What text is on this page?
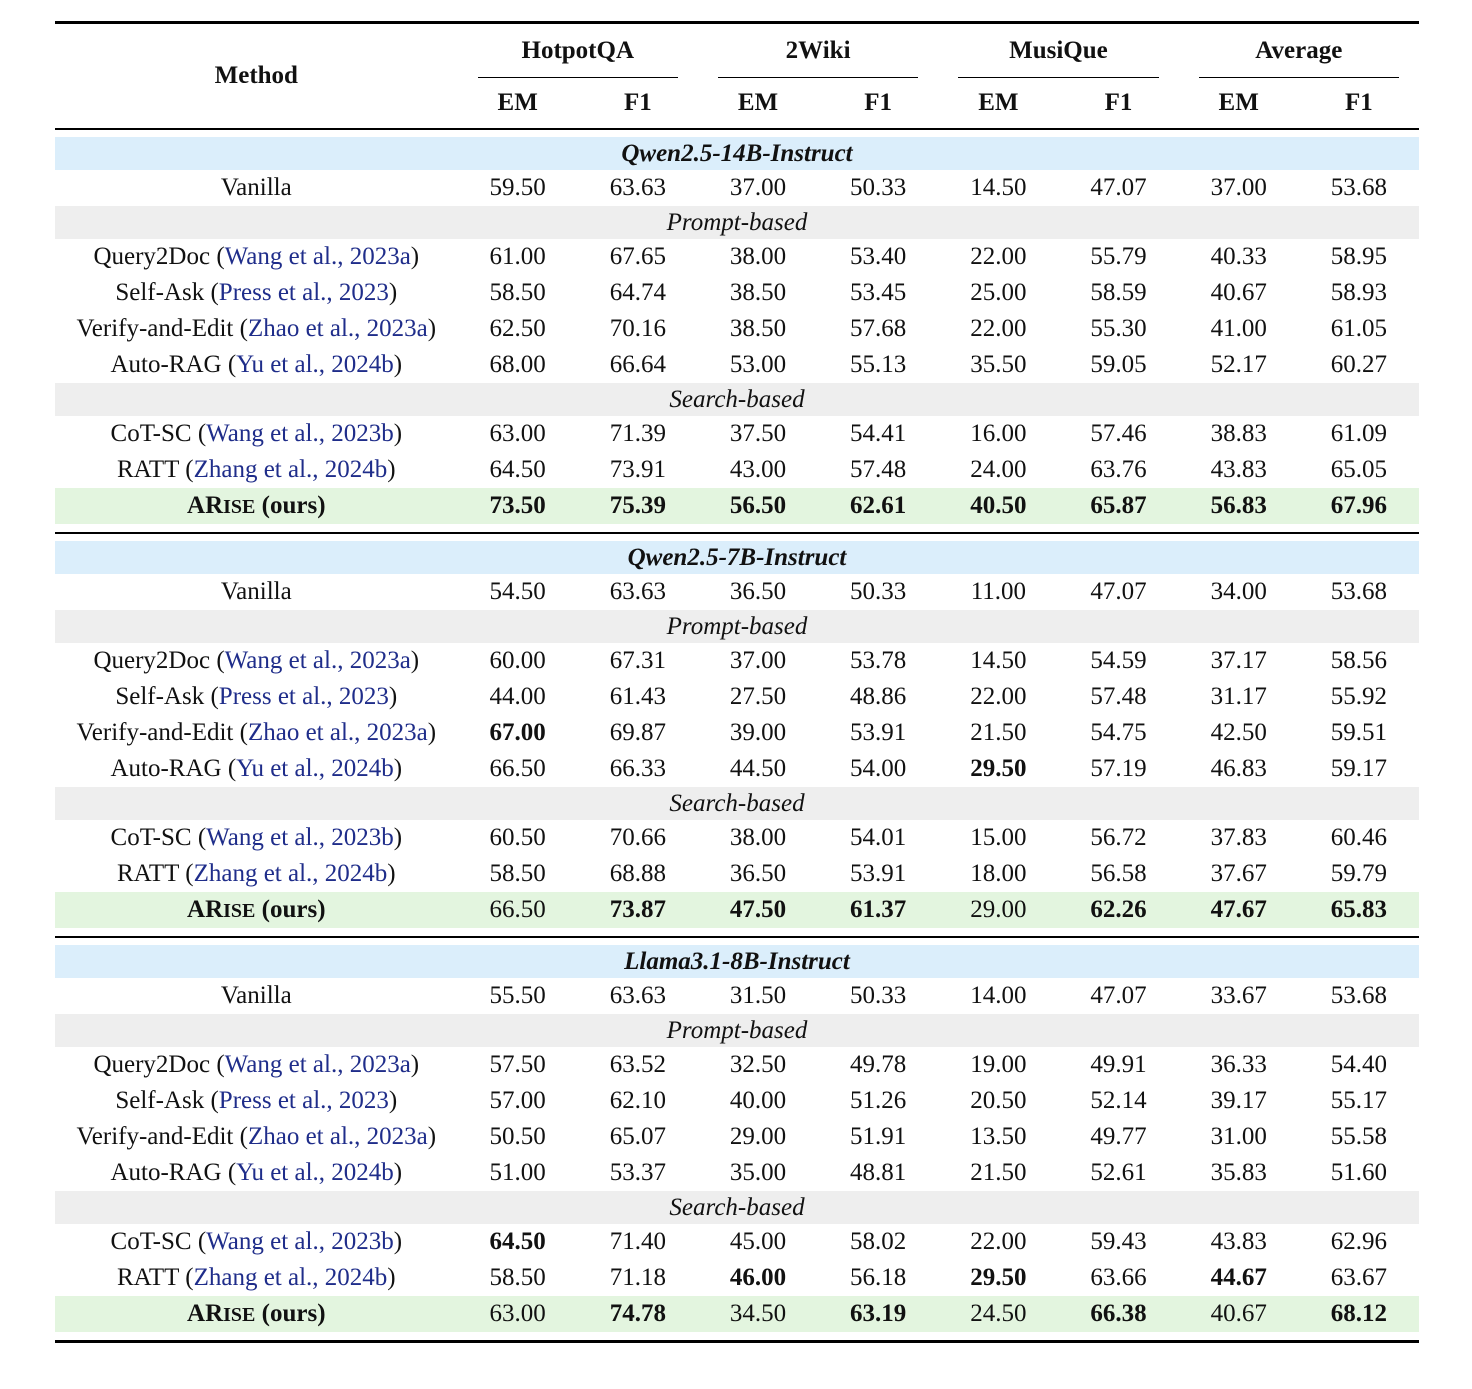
Method	HotpotQA		2Wiki		MusiQue		Average	

	EM	F1	EM	F1	EM	F1	EM	F1

Qwen2.5-14B-Instruct								
Vanilla	59.50	63.63	37.00	50.33	14.50	47.07	37.00	53.68
Prompt-based								
Query2Doc (Wang et al., 2023a)	61.00	67.65	38.00	53.40	22.00	55.79	40.33	58.95
Self-Ask (Press et al., 2023)	58.50	64.74	38.50	53.45	25.00	58.59	40.67	58.93
Verify-and-Edit (Zhao et al., 2023a)	62.50	70.16	38.50	57.68	22.00	55.30	41.00	61.05
Auto-RAG (Yu et al., 2024b)	68.00	66.64	53.00	55.13	35.50	59.05	52.17	60.27
Search-based								
CoT-SC (Wang et al., 2023b)	63.00	71.39	37.50	54.41	16.00	57.46	38.83	61.09
RATT (Zhang et al., 2024b)	64.50	73.91	43.00	57.48	24.00	63.76	43.83	65.05
ARISE (ours)	73.50	75.39	56.50	62.61	40.50	65.87	56.83	67.96

Qwen2.5-7B-Instruct								
Vanilla	54.50	63.63	36.50	50.33	11.00	47.07	34.00	53.68
Prompt-based								
Query2Doc (Wang et al., 2023a)	60.00	67.31	37.00	53.78	14.50	54.59	37.17	58.56
Self-Ask (Press et al., 2023)	44.00	61.43	27.50	48.86	22.00	57.48	31.17	55.92
Verify-and-Edit (Zhao et al., 2023a)	67.00	69.87	39.00	53.91	21.50	54.75	42.50	59.51
Auto-RAG (Yu et al., 2024b)	66.50	66.33	44.50	54.00	29.50	57.19	46.83	59.17
Search-based								
CoT-SC (Wang et al., 2023b)	60.50	70.66	38.00	54.01	15.00	56.72	37.83	60.46
RATT (Zhang et al., 2024b)	58.50	68.88	36.50	53.91	18.00	56.58	37.67	59.79
ARISE (ours)	66.50	73.87	47.50	61.37	29.00	62.26	47.67	65.83

Llama3.1-8B-Instruct								
Vanilla	55.50	63.63	31.50	50.33	14.00	47.07	33.67	53.68
Prompt-based								
Query2Doc (Wang et al., 2023a)	57.50	63.52	32.50	49.78	19.00	49.91	36.33	54.40
Self-Ask (Press et al., 2023)	57.00	62.10	40.00	51.26	20.50	52.14	39.17	55.17
Verify-and-Edit (Zhao et al., 2023a)	50.50	65.07	29.00	51.91	13.50	49.77	31.00	55.58
Auto-RAG (Yu et al., 2024b)	51.00	53.37	35.00	48.81	21.50	52.61	35.83	51.60
Search-based								
CoT-SC (Wang et al., 2023b)	64.50	71.40	45.00	58.02	22.00	59.43	43.83	62.96
RATT (Zhang et al., 2024b)	58.50	71.18	46.00	56.18	29.50	63.66	44.67	63.67
ARISE (ours)	63.00	74.78	34.50	63.19	24.50	66.38	40.67	68.12
